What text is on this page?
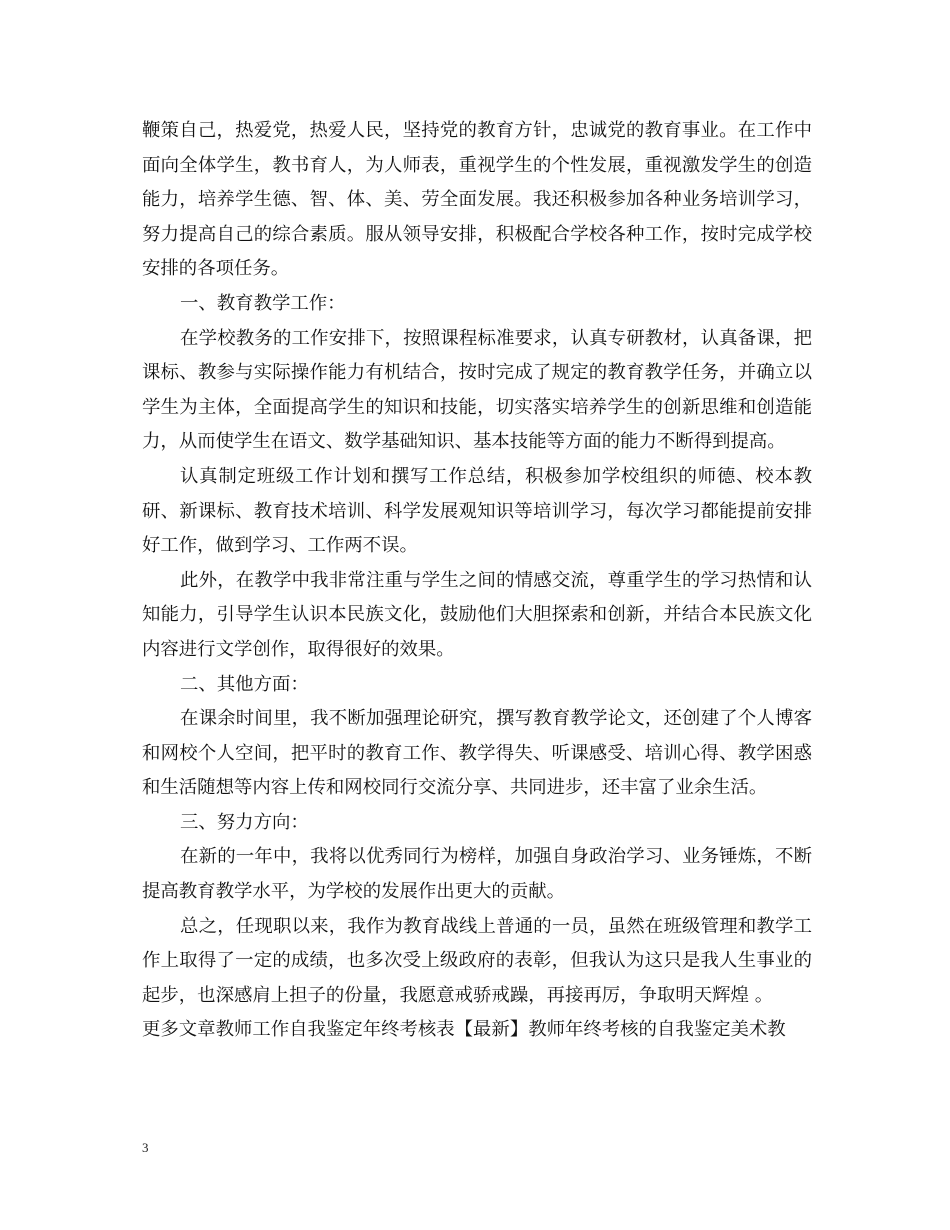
鞭策自己，热爱党，热爱人民，坚持党的教育方针，忠诚党的教育事业。在工作中面向全体学生，教书育人，为人师表，重视学生的个性发展，重视激发学生的创造能力，培养学生德、智、体、美、劳全面发展。我还积极参加各种业务培训学习，努力提高自己的综合素质。服从领导安排，积极配合学校各种工作，按时完成学校安排的各项任务。

一、教育教学工作：

在学校教务的工作安排下，按照课程标准要求，认真专研教材，认真备课，把课标、教参与实际操作能力有机结合，按时完成了规定的教育教学任务，并确立以学生为主体，全面提高学生的知识和技能，切实落实培养学生的创新思维和创造能力，从而使学生在语文、数学基础知识、基本技能等方面的能力不断得到提高。

认真制定班级工作计划和撰写工作总结，积极参加学校组织的师德、校本教研、新课标、教育技术培训、科学发展观知识等培训学习，每次学习都能提前安排好工作，做到学习、工作两不误。

此外，在教学中我非常注重与学生之间的情感交流，尊重学生的学习热情和认知能力，引导学生认识本民族文化，鼓励他们大胆探索和创新，并结合本民族文化内容进行文学创作，取得很好的效果。

二、其他方面：

在课余时间里，我不断加强理论研究，撰写教育教学论文，还创建了个人博客和网校个人空间，把平时的教育工作、教学得失、听课感受、培训心得、教学困惑和生活随想等内容上传和网校同行交流分享、共同进步，还丰富了业余生活。

三、努力方向：

在新的一年中，我将以优秀同行为榜样，加强自身政治学习、业务锤炼，不断提高教育教学水平，为学校的发展作出更大的贡献。

总之，任现职以来，我作为教育战线上普通的一员，虽然在班级管理和教学工作上取得了一定的成绩，也多次受上级政府的表彰，但我认为这只是我人生事业的起步，也深感肩上担子的份量，我愿意戒骄戒躁，再接再厉，争取明天辉煌 。

更多文章教师工作自我鉴定年终考核表【最新】教师年终考核的自我鉴定美术教

3
